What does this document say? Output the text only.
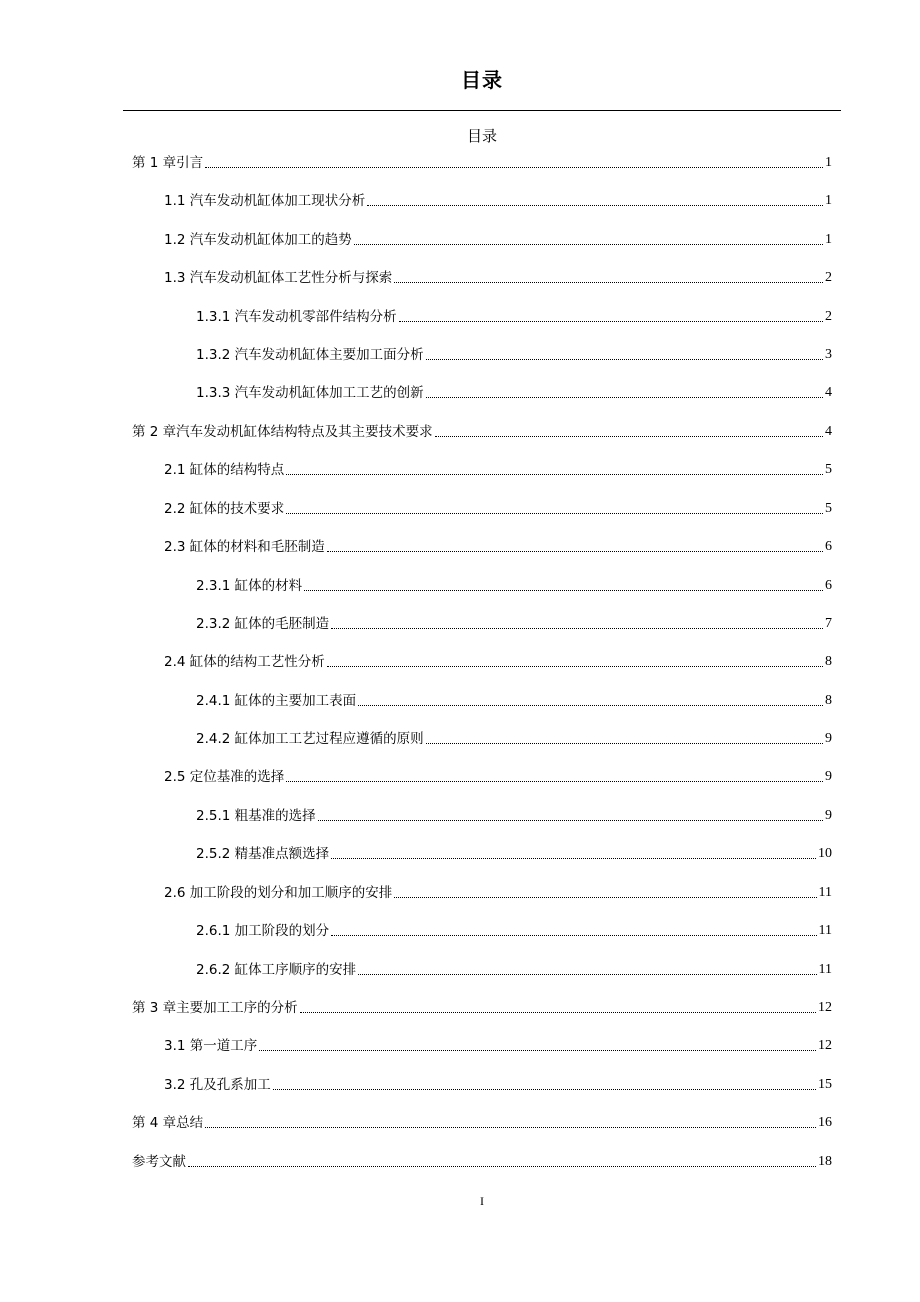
目录
目录
第 1 章引言	1
1.1 汽车发动机缸体加工现状分析	1
1.2 汽车发动机缸体加工的趋势	1
1.3 汽车发动机缸体工艺性分析与探索	2
1.3.1 汽车发动机零部件结构分析	2
1.3.2 汽车发动机缸体主要加工面分析	3
1.3.3 汽车发动机缸体加工工艺的创新	4
第 2 章汽车发动机缸体结构特点及其主要技术要求	4
2.1 缸体的结构特点	5
2.2 缸体的技术要求	5
2.3 缸体的材料和毛胚制造	6
2.3.1 缸体的材料	6
2.3.2 缸体的毛胚制造	7
2.4 缸体的结构工艺性分析	8
2.4.1 缸体的主要加工表面	8
2.4.2 缸体加工工艺过程应遵循的原则	9
2.5 定位基准的选择	9
2.5.1 粗基准的选择	9
2.5.2 精基准点额选择	10
2.6 加工阶段的划分和加工顺序的安排	11
2.6.1 加工阶段的划分	11
2.6.2 缸体工序顺序的安排	11
第 3 章主要加工工序的分析	12
3.1 第一道工序	12
3.2 孔及孔系加工	15
第 4 章总结	16
参考文献	18
I
